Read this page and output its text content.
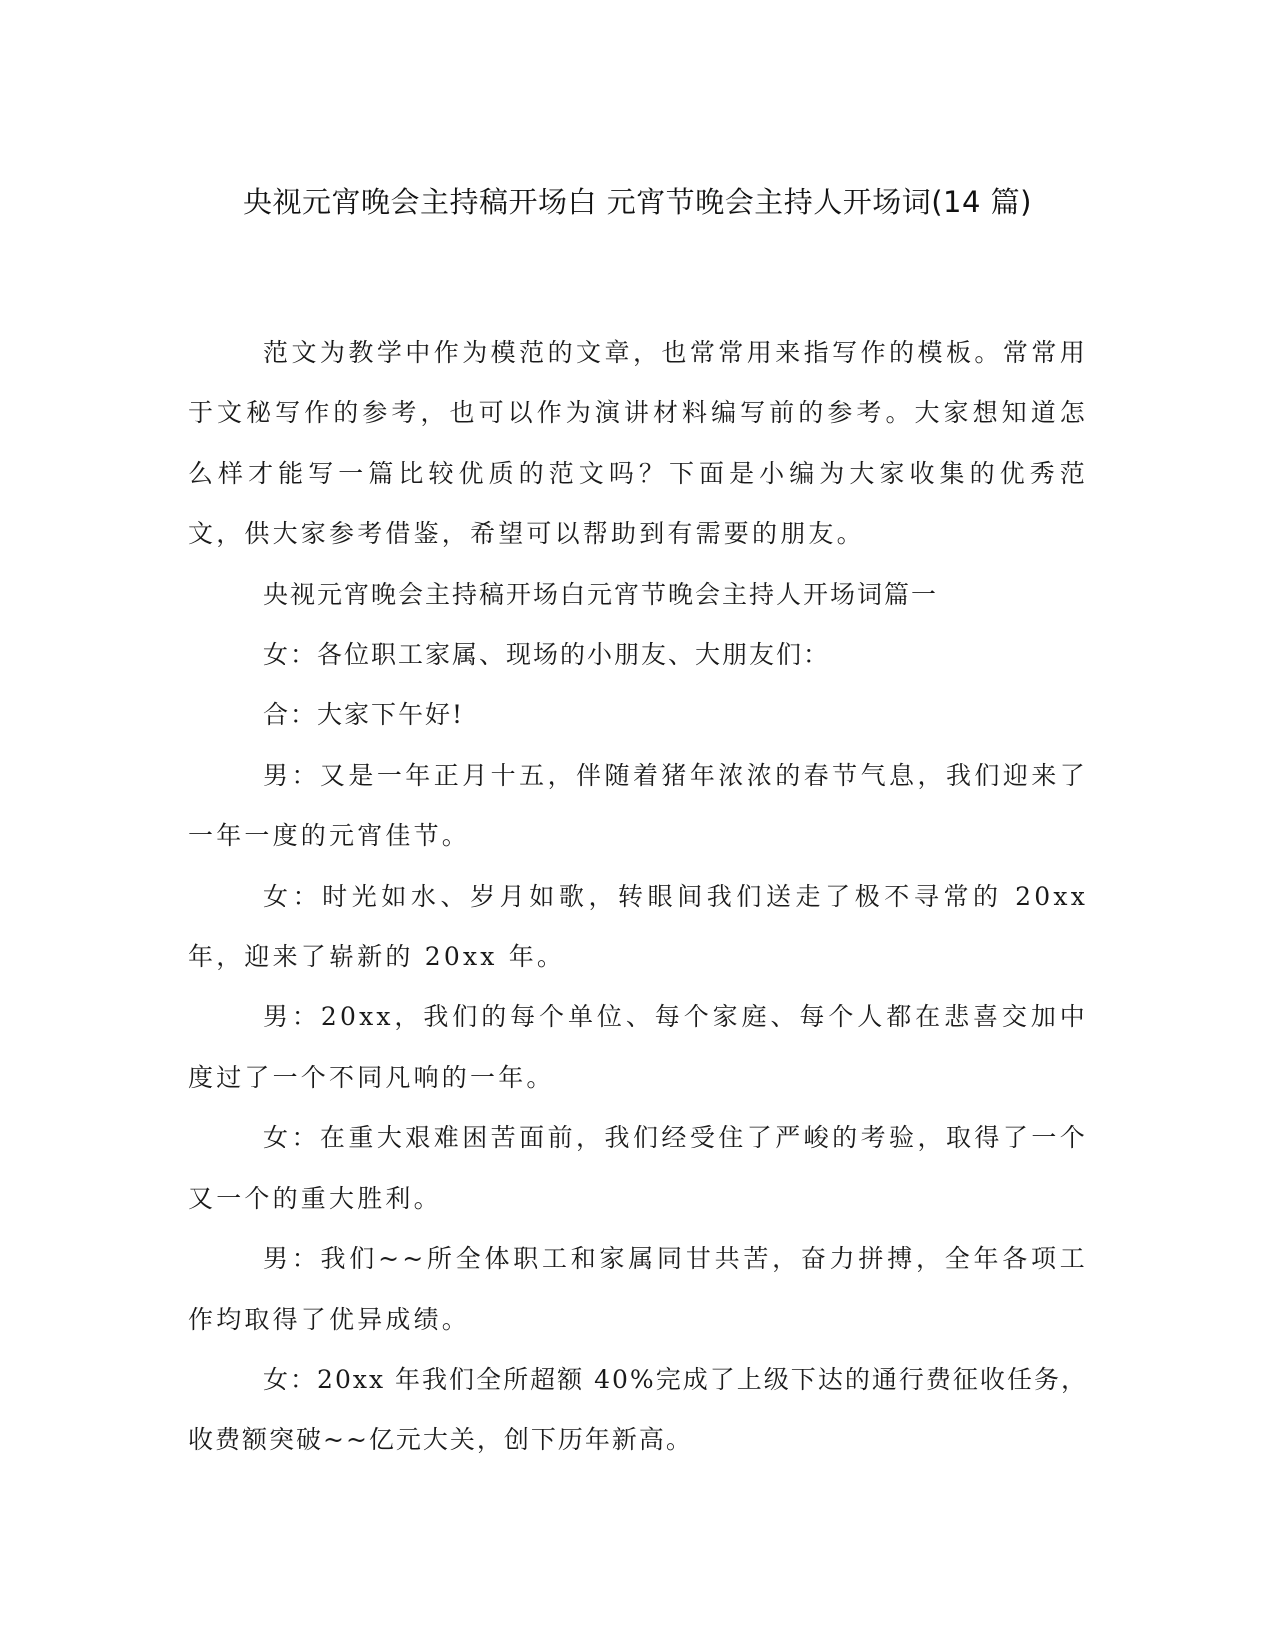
央视元宵晚会主持稿开场白 元宵节晚会主持人开场词(14 篇)

范文为教学中作为模范的文章，也常常用来指写作的模板。常常用于文秘写作的参考，也可以作为演讲材料编写前的参考。大家想知道怎么样才能写一篇比较优质的范文吗？下面是小编为大家收集的优秀范文，供大家参考借鉴，希望可以帮助到有需要的朋友。

央视元宵晚会主持稿开场白元宵节晚会主持人开场词篇一

女：各位职工家属、现场的小朋友、大朋友们：

合：大家下午好!

男：又是一年正月十五，伴随着猪年浓浓的春节气息，我们迎来了一年一度的元宵佳节。

女：时光如水、岁月如歌，转眼间我们送走了极不寻常的 20xx 年，迎来了崭新的 20xx 年。

男：20xx，我们的每个单位、每个家庭、每个人都在悲喜交加中度过了一个不同凡响的一年。

女：在重大艰难困苦面前，我们经受住了严峻的考验，取得了一个又一个的重大胜利。

男：我们~~所全体职工和家属同甘共苦，奋力拼搏，全年各项工作均取得了优异成绩。

女：20xx 年我们全所超额 40%完成了上级下达的通行费征收任务，收费额突破~~亿元大关，创下历年新高。
